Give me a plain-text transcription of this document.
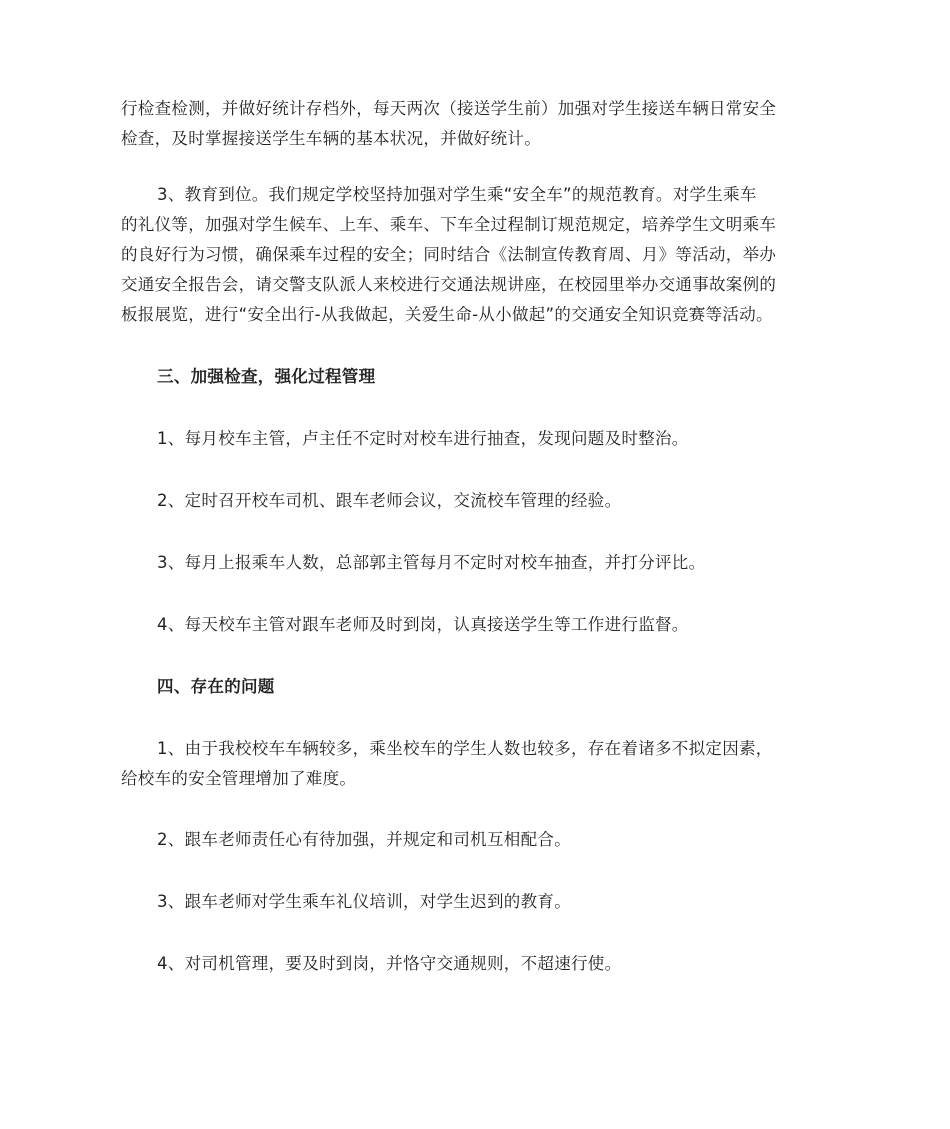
行检查检测，并做好统计存档外，每天两次（接送学生前）加强对学生接送车辆日常安全
检查，及时掌握接送学生车辆的基本状况，并做好统计。

3、教育到位。我们规定学校坚持加强对学生乘“安全车”的规范教育。对学生乘车
的礼仪等，加强对学生候车、上车、乘车、下车全过程制订规范规定，培养学生文明乘车
的良好行为习惯，确保乘车过程的安全；同时结合《法制宣传教育周、月》等活动，举办
交通安全报告会，请交警支队派人来校进行交通法规讲座，在校园里举办交通事故案例的
板报展览，进行“安全出行-从我做起，关爱生命-从小做起”的交通安全知识竞赛等活动。

三、加强检查，强化过程管理

1、每月校车主管，卢主任不定时对校车进行抽查，发现问题及时整治。

2、定时召开校车司机、跟车老师会议，交流校车管理的经验。

3、每月上报乘车人数，总部郭主管每月不定时对校车抽查，并打分评比。

4、每天校车主管对跟车老师及时到岗，认真接送学生等工作进行监督。

四、存在的问题

1、由于我校校车车辆较多，乘坐校车的学生人数也较多，存在着诸多不拟定因素，
给校车的安全管理增加了难度。

2、跟车老师责任心有待加强，并规定和司机互相配合。

3、跟车老师对学生乘车礼仪培训，对学生迟到的教育。

4、对司机管理，要及时到岗，并恪守交通规则，不超速行使。
